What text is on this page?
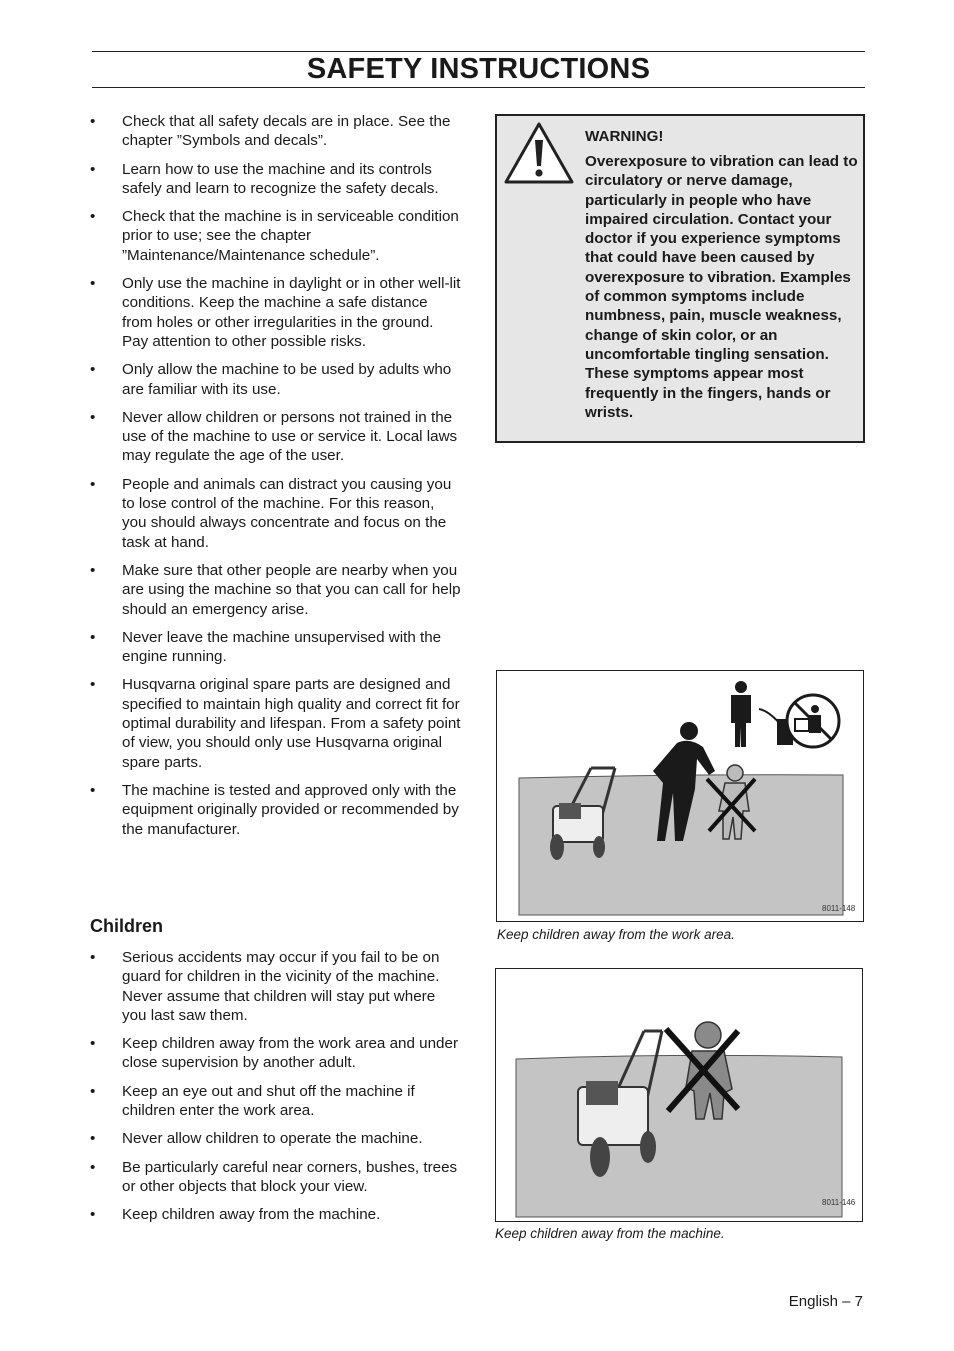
SAFETY INSTRUCTIONS
• Check that all safety decals are in place. See the chapter ”Symbols and decals”.
• Learn how to use the machine and its controls safely and learn to recognize the safety decals.
• Check that the machine is in serviceable condition prior to use; see the chapter ”Maintenance/Maintenance schedule”.
• Only use the machine in daylight or in other well-lit conditions. Keep the machine a safe distance from holes or other irregularities in the ground. Pay attention to other possible risks.
• Only allow the machine to be used by adults who are familiar with its use.
• Never allow children or persons not trained in the use of the machine to use or service it. Local laws may regulate the age of the user.
• People and animals can distract you causing you to lose control of the machine. For this reason, you should always concentrate and focus on the task at hand.
• Make sure that other people are nearby when you are using the machine so that you can call for help should an emergency arise.
• Never leave the machine unsupervised with the engine running.
• Husqvarna original spare parts are designed and specified to maintain high quality and correct fit for optimal durability and lifespan. From a safety point of view, you should only use Husqvarna original spare parts.
• The machine is tested and approved only with the equipment originally provided or recommended by the manufacturer.
Children
• Serious accidents may occur if you fail to be on guard for children in the vicinity of the machine. Never assume that children will stay put where you last saw them.
• Keep children away from the work area and under close supervision by another adult.
• Keep an eye out and shut off the machine if children enter the work area.
• Never allow children to operate the machine.
• Be particularly careful near corners, bushes, trees or other objects that block your view.
• Keep children away from the machine.
WARNING!
Overexposure to vibration can lead to circulatory or nerve damage, particularly in people who have impaired circulation. Contact your doctor if you experience symptoms that could have been caused by overexposure to vibration. Examples of common symptoms include numbness, pain, muscle weakness, change of skin color, or an uncomfortable tingling sensation. These symptoms appear most frequently in the fingers, hands or wrists.
8011-148
Keep children away from the work area.
8011-146
Keep children away from the machine.
English – 7
